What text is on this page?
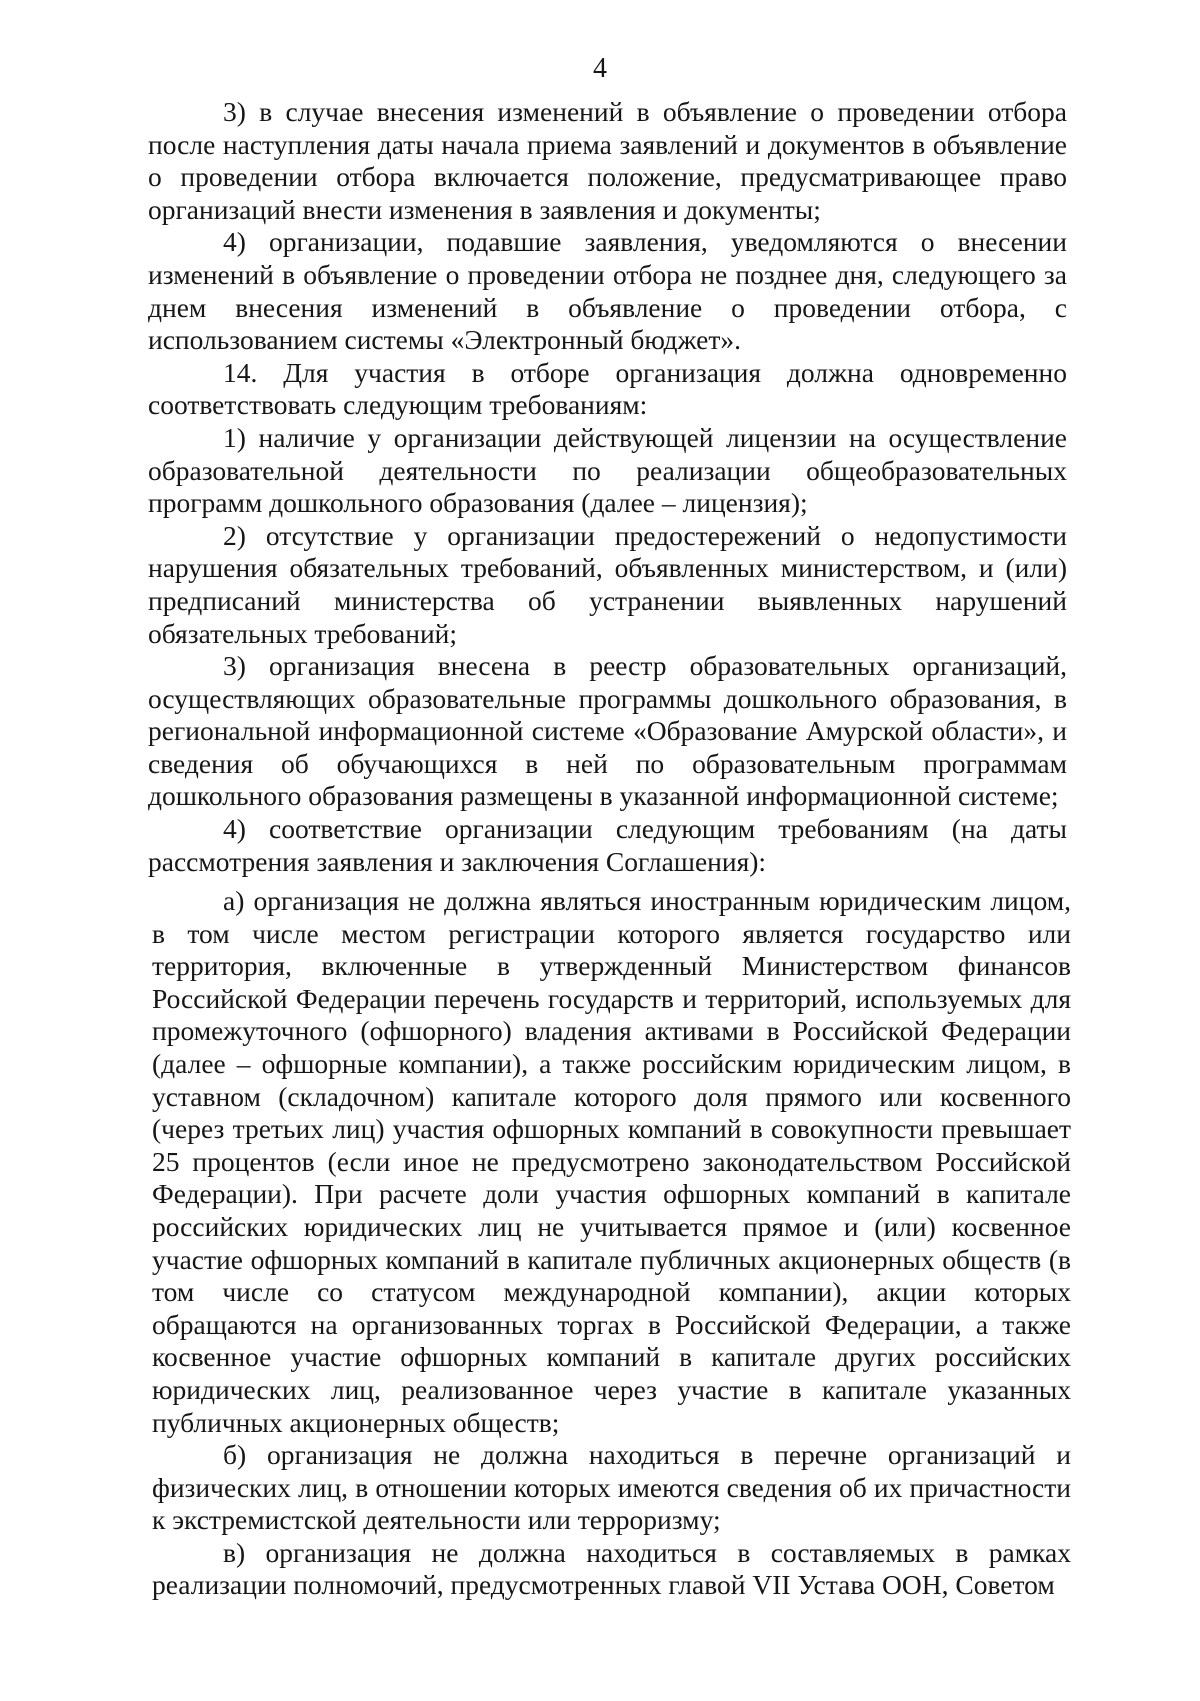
4

3) в случае внесения изменений в объявление о проведении отбора после наступления даты начала приема заявлений и документов в объявление о проведении отбора включается положение, предусматривающее право организаций внести изменения в заявления и документы;

4) организации, подавшие заявления, уведомляются о внесении изменений в объявление о проведении отбора не позднее дня, следующего за днем внесения изменений в объявление о проведении отбора, с использованием системы «Электронный бюджет».

14. Для участия в отборе организация должна одновременно соответствовать следующим требованиям:

1) наличие у организации действующей лицензии на осуществление образовательной деятельности по реализации общеобразовательных программ дошкольного образования (далее – лицензия);

2) отсутствие у организации предостережений о недопустимости нарушения обязательных требований, объявленных министерством, и (или) предписаний министерства об устранении выявленных нарушений обязательных требований;

3) организация внесена в реестр образовательных организаций, осуществляющих образовательные программы дошкольного образования, в региональной информационной системе «Образование Амурской области», и сведения об обучающихся в ней по образовательным программам дошкольного образования размещены в указанной информационной системе;

4) соответствие организации следующим требованиям (на даты рассмотрения заявления и заключения Соглашения):

а) организация не должна являться иностранным юридическим лицом, в том числе местом регистрации которого является государство или территория, включенные в утвержденный Министерством финансов Российской Федерации перечень государств и территорий, используемых для промежуточного (офшорного) владения активами в Российской Федерации (далее – офшорные компании), а также российским юридическим лицом, в уставном (складочном) капитале которого доля прямого или косвенного (через третьих лиц) участия офшорных компаний в совокупности превышает 25 процентов (если иное не предусмотрено законодательством Российской Федерации). При расчете доли участия офшорных компаний в капитале российских юридических лиц не учитывается прямое и (или) косвенное участие офшорных компаний в капитале публичных акционерных обществ (в том числе со статусом международной компании), акции которых обращаются на организованных торгах в Российской Федерации, а также косвенное участие офшорных компаний в капитале других российских юридических лиц, реализованное через участие в капитале указанных публичных акционерных обществ;

б) организация не должна находиться в перечне организаций и физических лиц, в отношении которых имеются сведения об их причастности к экстремистской деятельности или терроризму;

в) организация не должна находиться в составляемых в рамках реализации полномочий, предусмотренных главой VII Устава ООН, Советом
